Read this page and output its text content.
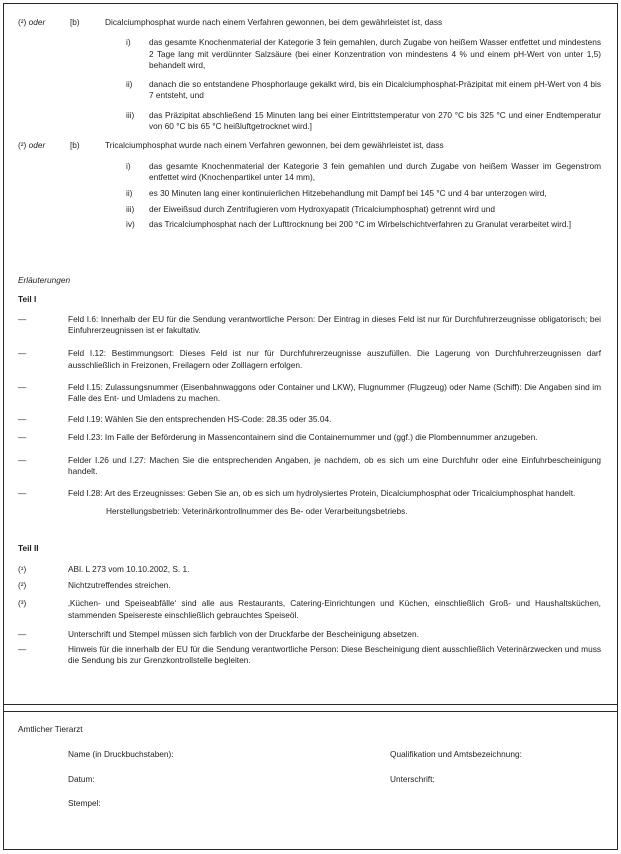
(²) oder	[b)	Dicalciumphosphat wurde nach einem Verfahren gewonnen, bei dem gewährleistet ist, dass
i)	das gesamte Knochenmaterial der Kategorie 3 fein gemahlen, durch Zugabe von heißem Wasser entfettet und mindestens 2 Tage lang mit verdünnter Salzsäure (bei einer Konzentration von mindestens 4 % und einem pH-Wert von unter 1,5) behandelt wird,
ii)	danach die so entstandene Phosphorlauge gekalkt wird, bis ein Dicalciumphosphat-Präzipitat mit einem pH-Wert von 4 bis 7 entsteht, und
iii)	das Präzipitat abschließend 15 Minuten lang bei einer Eintrittstemperatur von 270 °C bis 325 °C und einer Endtemperatur von 60 °C bis 65 °C heißluftgetrocknet wird.]
(²) oder	[b)	Tricalciumphosphat wurde nach einem Verfahren gewonnen, bei dem gewährleistet ist, dass
i)	das gesamte Knochenmaterial der Kategorie 3 fein gemahlen und durch Zugabe von heißem Wasser im Gegenstrom entfettet wird (Knochenpartikel unter 14 mm),
ii)	es 30 Minuten lang einer kontinuierlichen Hitzebehandlung mit Dampf bei 145 °C und 4 bar unterzogen wird,
iii)	der Eiweißsud durch Zentrifugieren vom Hydroxyapatit (Tricalciumphosphat) getrennt wird und
iv)	das Tricalciumphosphat nach der Lufttrocknung bei 200 °C im Wirbelschichtverfahren zu Granulat verarbeitet wird.]
Erläuterungen
Teil I
—	Feld I.6: Innerhalb der EU für die Sendung verantwortliche Person: Der Eintrag in dieses Feld ist nur für Durchfuhrerzeugnisse obligatorisch; bei Einfuhrerzeugnissen ist er fakultativ.
—	Feld I.12: Bestimmungsort: Dieses Feld ist nur für Durchfuhrerzeugnisse auszufüllen. Die Lagerung von Durchfuhrerzeugnissen darf ausschließlich in Freizonen, Freilagern oder Zolllagern erfolgen.
—	Feld I.15: Zulassungsnummer (Eisenbahnwaggons oder Container und LKW), Flugnummer (Flugzeug) oder Name (Schiff): Die Angaben sind im Falle des Ent- und Umladens zu machen.
—	Feld I.19: Wählen Sie den entsprechenden HS-Code: 28.35 oder 35.04.
—	Feld I.23: Im Falle der Beförderung in Massencontainern sind die Containernummer und (ggf.) die Plombennummer anzugeben.
—	Felder I.26 und I.27: Machen Sie die entsprechenden Angaben, je nachdem, ob es sich um eine Durchfuhr oder eine Einfuhrbescheinigung handelt.
—	Feld I.28: Art des Erzeugnisses: Geben Sie an, ob es sich um hydrolysiertes Protein, Dicalciumphosphat oder Tricalciumphosphat handelt.
Herstellungsbetrieb: Veterinärkontrollnummer des Be- oder Verarbeitungsbetriebs.
Teil II
(¹)	ABl. L 273 vom 10.10.2002, S. 1.
(²)	Nichtzutreffendes streichen.
(³)	‚Küchen- und Speiseabfälle‘ sind alle aus Restaurants, Catering-Einrichtungen und Küchen, einschließlich Groß- und Haushaltsküchen, stammenden Speisereste einschließlich gebrauchtes Speiseöl.
—	Unterschrift und Stempel müssen sich farblich von der Druckfarbe der Bescheinigung absetzen.
—	Hinweis für die innerhalb der EU für die Sendung verantwortliche Person: Diese Bescheinigung dient ausschließlich Veterinärzwecken und muss die Sendung bis zur Grenzkontrollstelle begleiten.
Amtlicher Tierarzt
Name (in Druckbuchstaben):	Qualifikation und Amtsbezeichnung:
Datum:	Unterschrift:
Stempel:
